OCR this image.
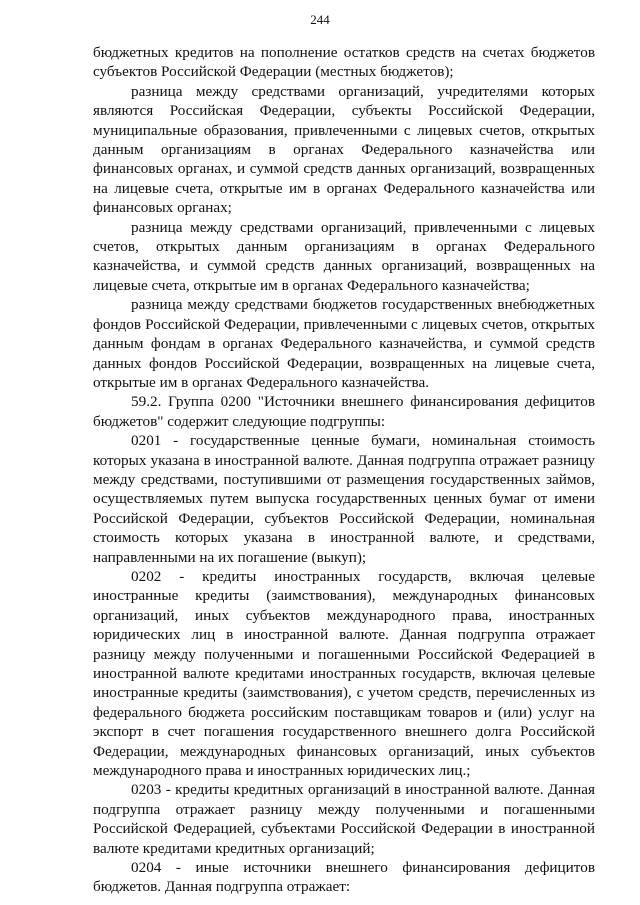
244

бюджетных кредитов на пополнение остатков средств на счетах бюджетов субъектов Российской Федерации (местных бюджетов);

разница между средствами организаций, учредителями которых являются Российская Федерации, субъекты Российской Федерации, муниципальные образования, привлеченными с лицевых счетов, открытых данным организациям в органах Федерального казначейства или финансовых органах, и суммой средств данных организаций, возвращенных на лицевые счета, открытые им в органах Федерального казначейства или финансовых органах;

разница между средствами организаций, привлеченными с лицевых счетов, открытых данным организациям в органах Федерального казначейства, и суммой средств данных организаций, возвращенных на лицевые счета, открытые им в органах Федерального казначейства;

разница между средствами бюджетов государственных внебюджетных фондов Российской Федерации, привлеченными с лицевых счетов, открытых данным фондам в органах Федерального казначейства, и суммой средств данных фондов Российской Федерации, возвращенных на лицевые счета, открытые им в органах Федерального казначейства.

59.2. Группа 0200 "Источники внешнего финансирования дефицитов бюджетов" содержит следующие подгруппы:

0201 - государственные ценные бумаги, номинальная стоимость которых указана в иностранной валюте. Данная подгруппа отражает разницу между средствами, поступившими от размещения государственных займов, осуществляемых путем выпуска государственных ценных бумаг от имени Российской Федерации, субъектов Российской Федерации, номинальная стоимость которых указана в иностранной валюте, и средствами, направленными на их погашение (выкуп);

0202 - кредиты иностранных государств, включая целевые иностранные кредиты (заимствования), международных финансовых организаций, иных субъектов международного права, иностранных юридических лиц в иностранной валюте. Данная подгруппа отражает разницу между полученными и погашенными Российской Федерацией в иностранной валюте кредитами иностранных государств, включая целевые иностранные кредиты (заимствования), с учетом средств, перечисленных из федерального бюджета российским поставщикам товаров и (или) услуг на экспорт в счет погашения государственного внешнего долга Российской Федерации, международных финансовых организаций, иных субъектов международного права и иностранных юридических лиц.;

0203 - кредиты кредитных организаций в иностранной валюте. Данная подгруппа отражает разницу между полученными и погашенными Российской Федерацией, субъектами Российской Федерации в иностранной валюте кредитами кредитных организаций;

0204 - иные источники внешнего финансирования дефицитов бюджетов. Данная подгруппа отражает:
